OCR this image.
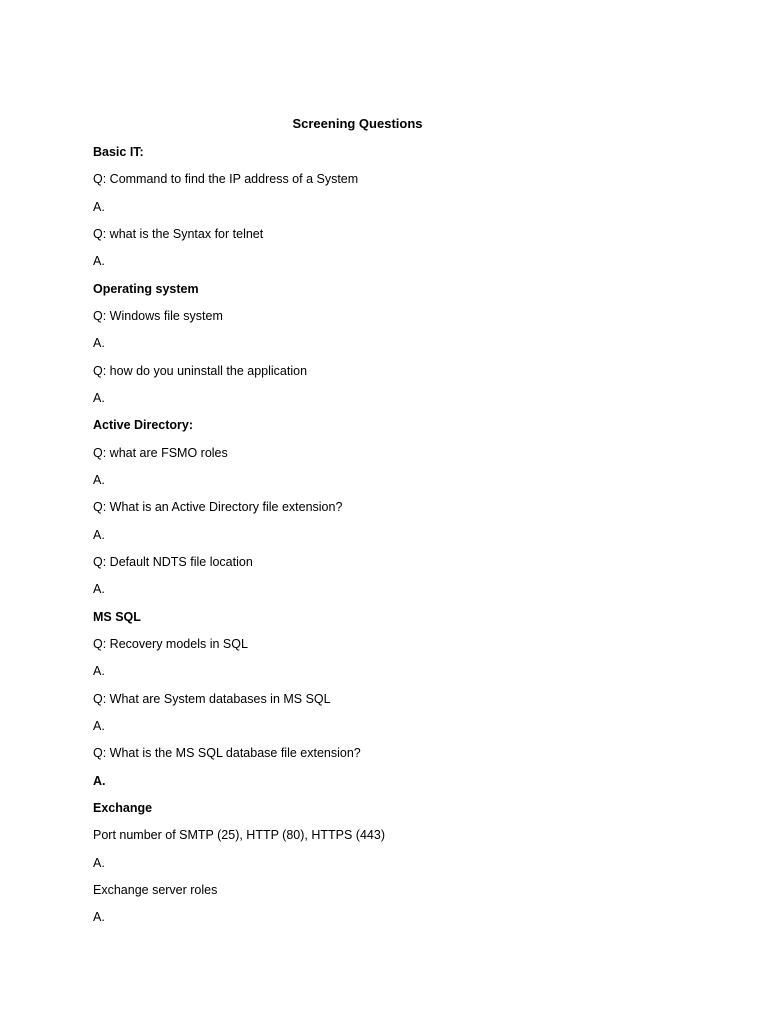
Screening Questions
Basic IT:
Q: Command to find the IP address of a System
A.
Q: what is the Syntax for telnet
A.
Operating system
Q: Windows file system
A.
Q: how do you uninstall the application
A.
Active Directory:
Q: what are FSMO roles
A.
Q: What is an Active Directory file extension?
A.
Q: Default NDTS file location
A.
MS SQL
Q: Recovery models in SQL
A.
Q: What are System databases in MS SQL
A.
Q: What is the MS SQL database file extension?
A.
Exchange
Port number of SMTP (25), HTTP (80), HTTPS (443)
A.
Exchange server roles
A.
